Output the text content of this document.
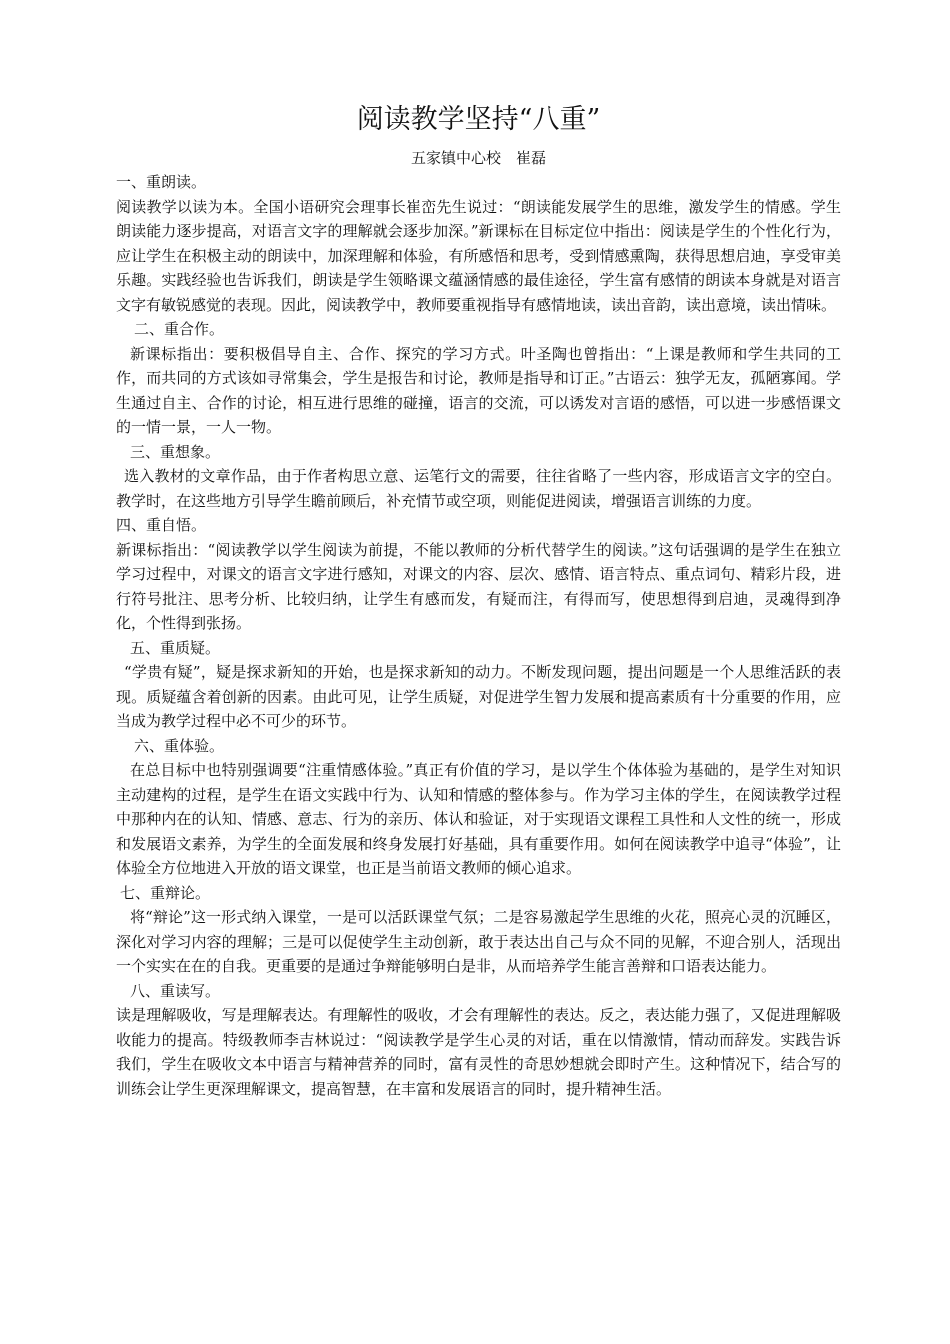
阅读教学坚持“八重”

五家镇中心校　崔磊

一、重朗读。

阅读教学以读为本。全国小语研究会理事长崔峦先生说过：“朗读能发展学生的思维，激发学生的情感。学生朗读能力逐步提高，对语言文字的理解就会逐步加深。”新课标在目标定位中指出：阅读是学生的个性化行为，应让学生在积极主动的朗读中，加深理解和体验，有所感悟和思考，受到情感熏陶，获得思想启迪，享受审美乐趣。实践经验也告诉我们，朗读是学生领略课文蕴涵情感的最佳途径，学生富有感情的朗读本身就是对语言文字有敏锐感觉的表现。因此，阅读教学中，教师要重视指导有感情地读，读出音韵，读出意境，读出情味。

二、重合作。

新课标指出：要积极倡导自主、合作、探究的学习方式。叶圣陶也曾指出：“上课是教师和学生共同的工作，而共同的方式该如寻常集会，学生是报告和讨论，教师是指导和订正。”古语云：独学无友，孤陋寡闻。学生通过自主、合作的讨论，相互进行思维的碰撞，语言的交流，可以诱发对言语的感悟，可以进一步感悟课文的一情一景，一人一物。

三、重想象。

选入教材的文章作品，由于作者构思立意、运笔行文的需要，往往省略了一些内容，形成语言文字的空白。教学时，在这些地方引导学生瞻前顾后，补充情节或空项，则能促进阅读，增强语言训练的力度。

四、重自悟。

新课标指出：“阅读教学以学生阅读为前提，不能以教师的分析代替学生的阅读。”这句话强调的是学生在独立学习过程中，对课文的语言文字进行感知，对课文的内容、层次、感情、语言特点、重点词句、精彩片段，进行符号批注、思考分析、比较归纳，让学生有感而发，有疑而注，有得而写，使思想得到启迪，灵魂得到净化，个性得到张扬。

五、重质疑。

“学贵有疑”，疑是探求新知的开始，也是探求新知的动力。不断发现问题，提出问题是一个人思维活跃的表现。质疑蕴含着创新的因素。由此可见，让学生质疑，对促进学生智力发展和提高素质有十分重要的作用，应当成为教学过程中必不可少的环节。

六、重体验。

在总目标中也特别强调要“注重情感体验。”真正有价值的学习，是以学生个体体验为基础的，是学生对知识主动建构的过程，是学生在语文实践中行为、认知和情感的整体参与。作为学习主体的学生，在阅读教学过程中那种内在的认知、情感、意志、行为的亲历、体认和验证，对于实现语文课程工具性和人文性的统一，形成和发展语文素养，为学生的全面发展和终身发展打好基础，具有重要作用。如何在阅读教学中追寻“体验”，让体验全方位地进入开放的语文课堂，也正是当前语文教师的倾心追求。

七、重辩论。

将“辩论”这一形式纳入课堂，一是可以活跃课堂气氛；二是容易激起学生思维的火花，照亮心灵的沉睡区，深化对学习内容的理解；三是可以促使学生主动创新，敢于表达出自己与众不同的见解，不迎合别人，活现出一个实实在在的自我。更重要的是通过争辩能够明白是非，从而培养学生能言善辩和口语表达能力。

八、重读写。

读是理解吸收，写是理解表达。有理解性的吸收，才会有理解性的表达。反之，表达能力强了，又促进理解吸收能力的提高。特级教师李吉林说过：“阅读教学是学生心灵的对话，重在以情激情，情动而辞发。实践告诉我们，学生在吸收文本中语言与精神营养的同时，富有灵性的奇思妙想就会即时产生。这种情况下，结合写的训练会让学生更深理解课文，提高智慧，在丰富和发展语言的同时，提升精神生活。
